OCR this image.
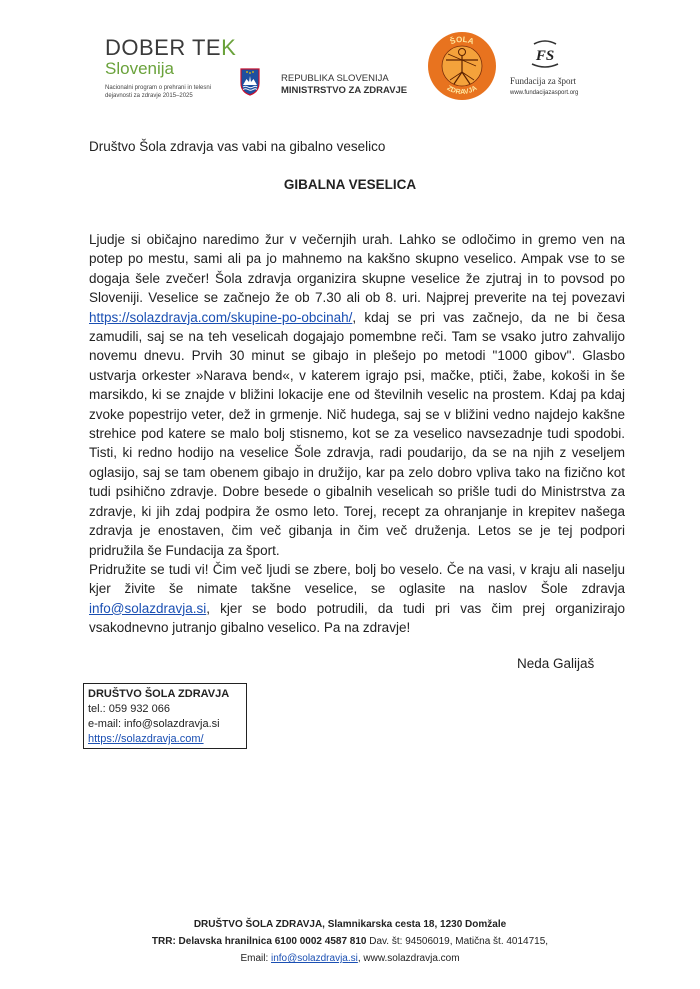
DOBER TEK
Slovenija
Nacionalni program o prehrani in telesni
dejavnosti za zdravje 2015–2025
REPUBLIKA SLOVENIJA
MINISTRSTVO ZA ZDRAVJE
ŠOLA
ZDRAVJA
FS
Fundacija za šport
www.fundacijazasport.org
Društvo Šola zdravja vas vabi na gibalno veselico
GIBALNA VESELICA

Ljudje si običajno naredimo žur v večernjih urah. Lahko se odločimo in gremo ven na potep po mestu, sami ali pa jo mahnemo na kakšno skupno veselico. Ampak vse to se dogaja šele zvečer! Šola zdravja organizira skupne veselice že zjutraj in to povsod po Sloveniji. Veselice se začnejo že ob 7.30 ali ob 8. uri. Najprej preverite na tej povezavi https://solazdravja.com/skupine-po-obcinah/, kdaj se pri vas začnejo, da ne bi česa zamudili, saj se na teh veselicah dogajajo pomembne reči. Tam se vsako jutro zahvalijo novemu dnevu. Prvih 30 minut se gibajo in plešejo po metodi "1000 gibov". Glasbo ustvarja orkester »Narava bend«, v katerem igrajo psi, mačke, ptiči, žabe, kokoši in še marsikdo, ki se znajde v bližini lokacije ene od številnih veselic na prostem. Kdaj pa kdaj zvoke popestrijo veter, dež in grmenje. Nič hudega, saj se v bližini vedno najdejo kakšne strehice pod katere se malo bolj stisnemo, kot se za veselico navsezadnje tudi spodobi. Tisti, ki redno hodijo na veselice Šole zdravja, radi poudarijo, da se na njih z veseljem oglasijo, saj se tam obenem gibajo in družijo, kar pa zelo dobro vpliva tako na fizično kot tudi psihično zdravje. Dobre besede o gibalnih veselicah so prišle tudi do Ministrstva za zdravje, ki jih zdaj podpira že osmo leto. Torej, recept za ohranjanje in krepitev našega zdravja je enostaven, čim več gibanja in čim več druženja. Letos se je tej podpori pridružila še Fundacija za šport.

Pridružite se tudi vi! Čim več ljudi se zbere, bolj bo veselo. Če na vasi, v kraju ali naselju kjer živite še nimate takšne veselice, se oglasite na naslov Šole zdravja info@solazdravja.si, kjer se bodo potrudili, da tudi pri vas čim prej organizirajo vsakodnevno jutranjo gibalno veselico. Pa na zdravje!

Neda Galijaš
DRUŠTVO ŠOLA ZDRAVJA
tel.: 059 932 066
e-mail: info@solazdravja.si
https://solazdravja.com/
DRUŠTVO ŠOLA ZDRAVJA, Slamnikarska cesta 18, 1230 Domžale
TRR: Delavska hranilnica 6100 0002 4587 810 Dav. št: 94506019, Matična št. 4014715,
Email: info@solazdravja.si, www.solazdravja.com
